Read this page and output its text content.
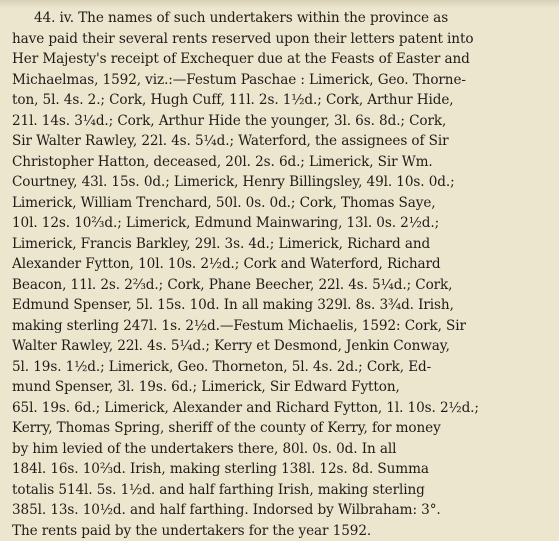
44. iv. The names of such undertakers within the province as
have paid their several rents reserved upon their letters patent into
Her Majesty's receipt of Exchequer due at the Feasts of Easter and
Michaelmas, 1592, viz.:—Festum Paschae : Limerick, Geo. Thorne-
ton, 5l. 4s. 2.; Cork, Hugh Cuff, 11l. 2s. 1½d.; Cork, Arthur Hide,
21l. 14s. 3¼d.; Cork, Arthur Hide the younger, 3l. 6s. 8d.; Cork,
Sir Walter Rawley, 22l. 4s. 5¼d.; Waterford, the assignees of Sir
Christopher Hatton, deceased, 20l. 2s. 6d.; Limerick, Sir Wm.
Courtney, 43l. 15s. 0d.; Limerick, Henry Billingsley, 49l. 10s. 0d.;
Limerick, William Trenchard, 50l. 0s. 0d.; Cork, Thomas Saye,
10l. 12s. 10⅔d.; Limerick, Edmund Mainwaring, 13l. 0s. 2½d.;
Limerick, Francis Barkley, 29l. 3s. 4d.; Limerick, Richard and
Alexander Fytton, 10l. 10s. 2½d.; Cork and Waterford, Richard
Beacon, 11l. 2s. 2⅔d.; Cork, Phane Beecher, 22l. 4s. 5¼d.; Cork,
Edmund Spenser, 5l. 15s. 10d. In all making 329l. 8s. 3¾d. Irish,
making sterling 247l. 1s. 2½d.—Festum Michaelis, 1592: Cork, Sir
Walter Rawley, 22l. 4s. 5¼d.; Kerry et Desmond, Jenkin Conway,
5l. 19s. 1½d.; Limerick, Geo. Thorneton, 5l. 4s. 2d.; Cork, Ed-
mund Spenser, 3l. 19s. 6d.; Limerick, Sir Edward Fytton,
65l. 19s. 6d.; Limerick, Alexander and Richard Fytton, 1l. 10s. 2½d.;
Kerry, Thomas Spring, sheriff of the county of Kerry, for money
by him levied of the undertakers there, 80l. 0s. 0d. In all
184l. 16s. 10⅔d. Irish, making sterling 138l. 12s. 8d. Summa
totalis 514l. 5s. 1½d. and half farthing Irish, making sterling
385l. 13s. 10½d. and half farthing. Indorsed by Wilbraham: 3°.
The rents paid by the undertakers for the year 1592.
